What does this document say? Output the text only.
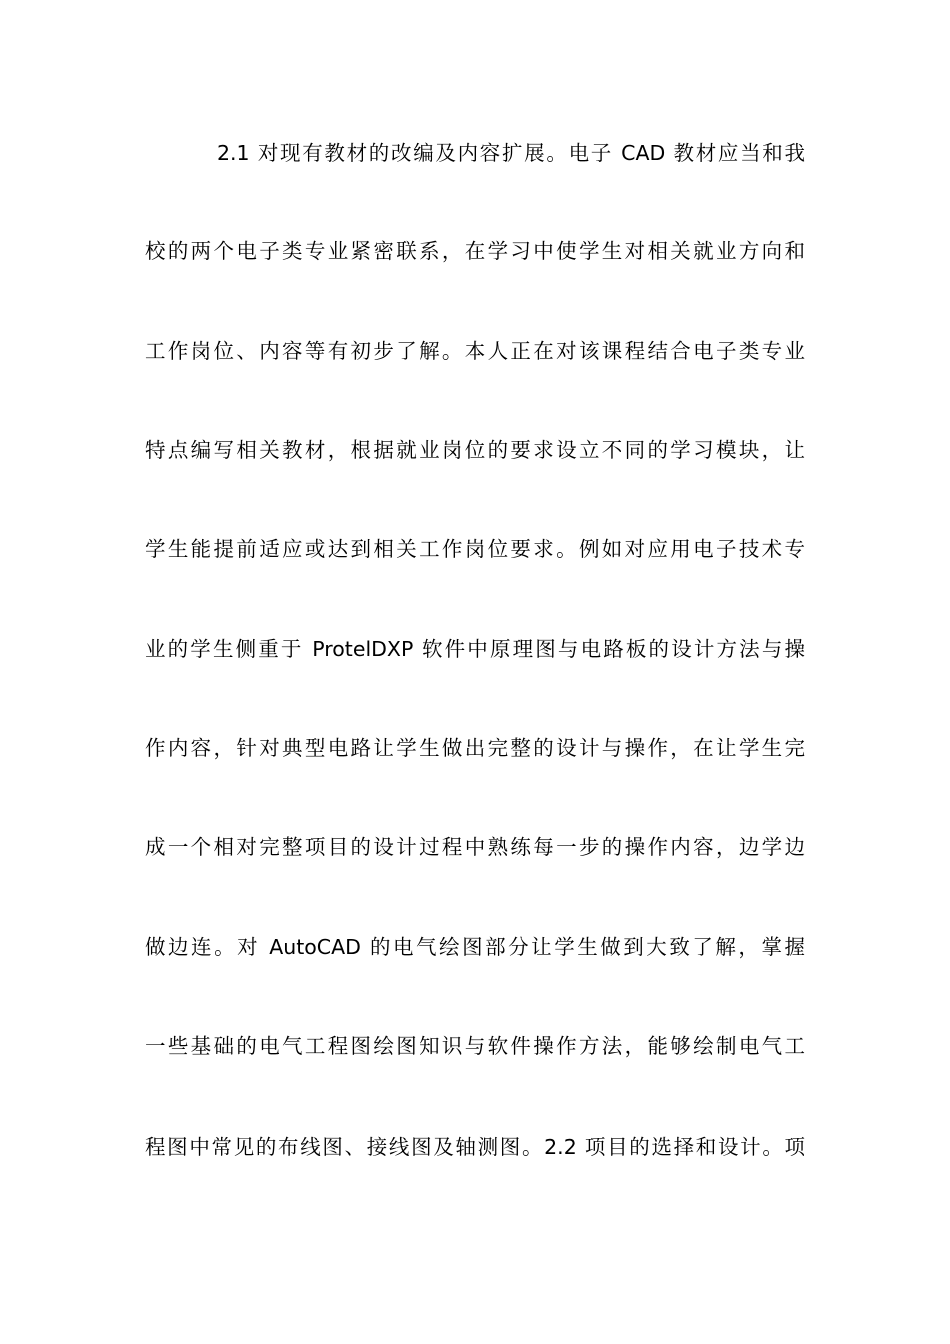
2.1 对现有教材的改编及内容扩展。电子 CAD 教材应当和我
校的两个电子类专业紧密联系，在学习中使学生对相关就业方向和
工作岗位、内容等有初步了解。本人正在对该课程结合电子类专业
特点编写相关教材，根据就业岗位的要求设立不同的学习模块，让
学生能提前适应或达到相关工作岗位要求。例如对应用电子技术专
业的学生侧重于 ProtelDXP 软件中原理图与电路板的设计方法与操
作内容，针对典型电路让学生做出完整的设计与操作，在让学生完
成一个相对完整项目的设计过程中熟练每一步的操作内容，边学边
做边连。对 AutoCAD 的电气绘图部分让学生做到大致了解，掌握
一些基础的电气工程图绘图知识与软件操作方法，能够绘制电气工
程图中常见的布线图、接线图及轴测图。2.2 项目的选择和设计。项
